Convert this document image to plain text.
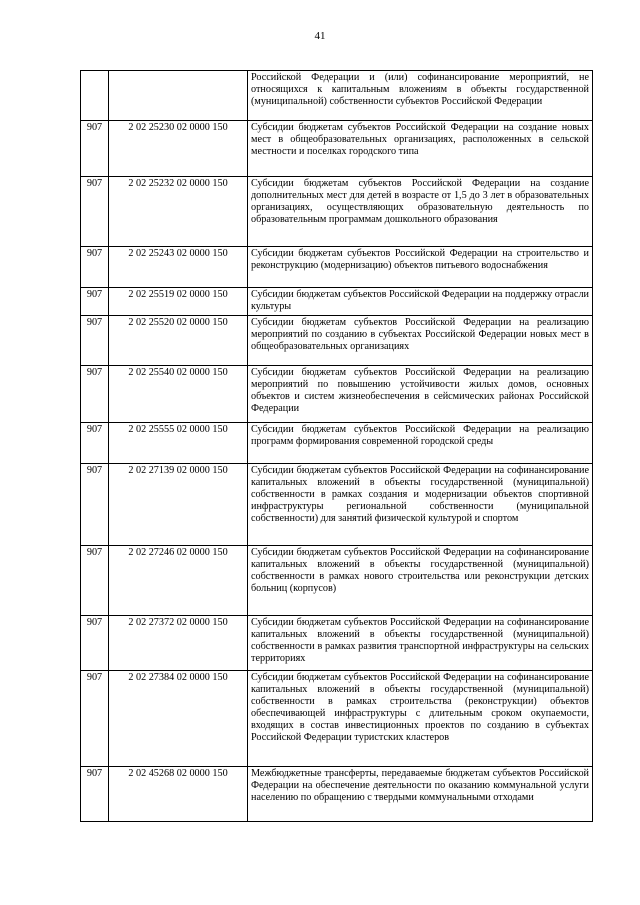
41
		Российской Федерации и (или) софинансирование мероприятий, не относящихся к капитальным вложениям в объекты государственной (муниципальной) собственности субъектов Российской Федерации
907	2 02 25230 02 0000 150	Субсидии бюджетам субъектов Российской Федерации на создание новых мест в общеобразовательных организациях, расположенных в сельской местности и поселках городского типа
907	2 02 25232 02 0000 150	Субсидии бюджетам субъектов Российской Федерации на создание дополнительных мест для детей в возрасте от 1,5 до 3 лет в образовательных организациях, осуществляющих образовательную деятельность по образовательным программам дошкольного образования
907	2 02 25243 02 0000 150	Субсидии бюджетам субъектов Российской Федерации на строительство и реконструкцию (модернизацию) объектов питьевого водоснабжения
907	2 02 25519 02 0000 150	Субсидии бюджетам субъектов Российской Федерации на поддержку отрасли культуры
907	2 02 25520 02 0000 150	Субсидии бюджетам субъектов Российской Федерации на реализацию мероприятий по созданию в субъектах Российской Федерации новых мест в общеобразовательных организациях
907	2 02 25540 02 0000 150	Субсидии бюджетам субъектов Российской Федерации на реализацию мероприятий по повышению устойчивости жилых домов, основных объектов и систем жизнеобеспечения в сейсмических районах Российской Федерации
907	2 02 25555 02 0000 150	Субсидии бюджетам субъектов Российской Федерации на реализацию программ формирования современной городской среды
907	2 02 27139 02 0000 150	Субсидии бюджетам субъектов Российской Федерации на софинансирование капитальных вложений в объекты государственной (муниципальной) собственности в рамках создания и модернизации объектов спортивной инфраструктуры региональной собственности (муниципальной собственности) для занятий физической культурой и спортом
907	2 02 27246 02 0000 150	Субсидии бюджетам субъектов Российской Федерации на софинансирование капитальных вложений в объекты государственной (муниципальной) собственности в рамках нового строительства или реконструкции детских больниц (корпусов)
907	2 02 27372 02 0000 150	Субсидии бюджетам субъектов Российской Федерации на софинансирование капитальных вложений в объекты государственной (муниципальной) собственности в рамках развития транспортной инфраструктуры на сельских территориях
907	2 02 27384 02 0000 150	Субсидии бюджетам субъектов Российской Федерации на софинансирование капитальных вложений в объекты государственной (муниципальной) собственности в рамках строительства (реконструкции) объектов обеспечивающей инфраструктуры с длительным сроком окупаемости, входящих в состав инвестиционных проектов по созданию в субъектах Российской Федерации туристских кластеров
907	2 02 45268 02 0000 150	Межбюджетные трансферты, передаваемые бюджетам субъектов Российской Федерации на обеспечение деятельности по оказанию коммунальной услуги населению по обращению с твердыми коммунальными отходами
